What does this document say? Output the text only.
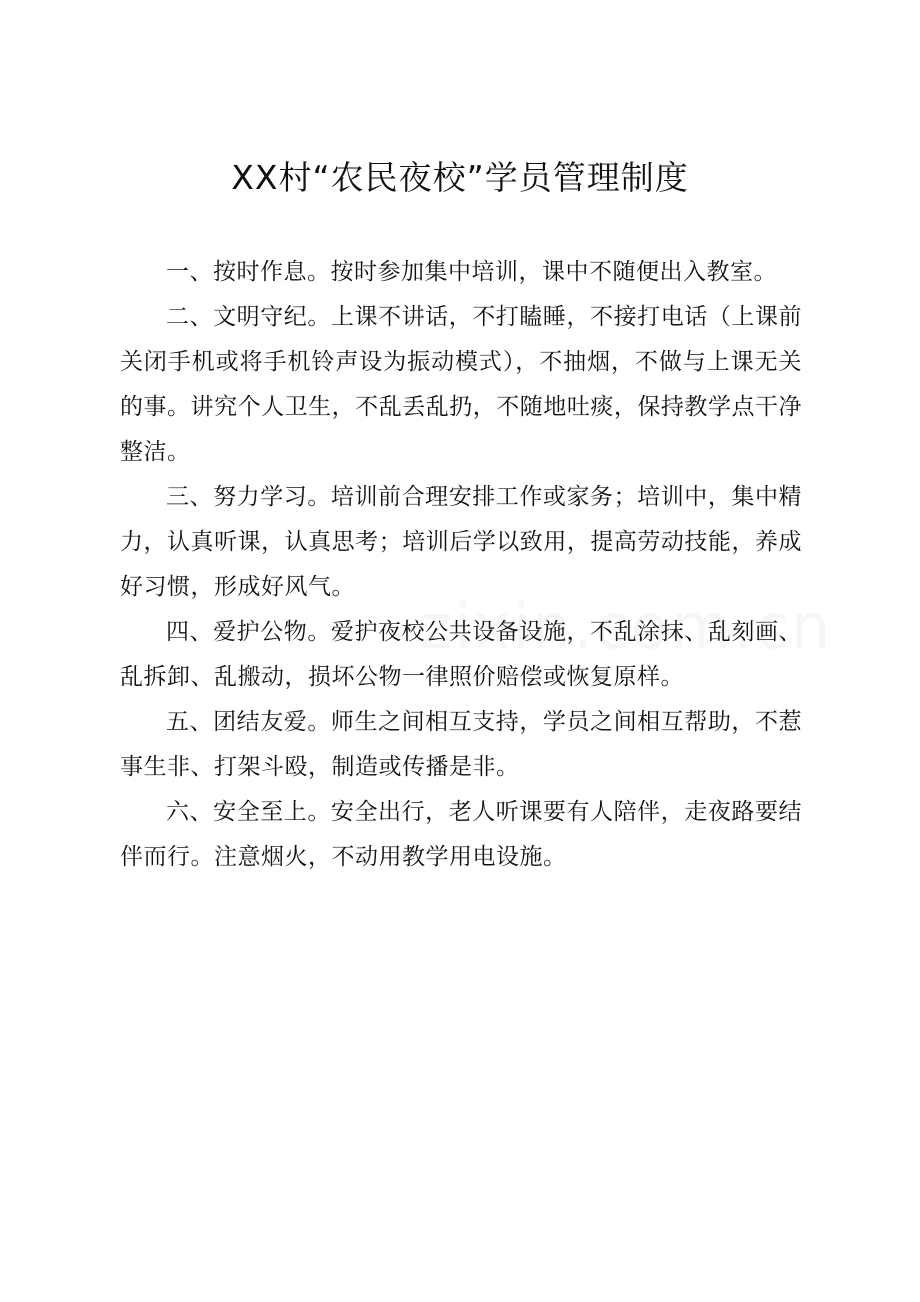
XX村“农民夜校”学员管理制度

一、按时作息。按时参加集中培训，课中不随便出入教室。

二、文明守纪。上课不讲话，不打瞌睡，不接打电话（上课前关闭手机或将手机铃声设为振动模式），不抽烟，不做与上课无关的事。讲究个人卫生，不乱丢乱扔，不随地吐痰，保持教学点干净整洁。

三、努力学习。培训前合理安排工作或家务；培训中，集中精力，认真听课，认真思考；培训后学以致用，提高劳动技能，养成好习惯，形成好风气。

四、爱护公物。爱护夜校公共设备设施，不乱涂抹、乱刻画、乱拆卸、乱搬动，损坏公物一律照价赔偿或恢复原样。

五、团结友爱。师生之间相互支持，学员之间相互帮助，不惹事生非、打架斗殴，制造或传播是非。

六、安全至上。安全出行，老人听课要有人陪伴，走夜路要结伴而行。注意烟火，不动用教学用电设施。
